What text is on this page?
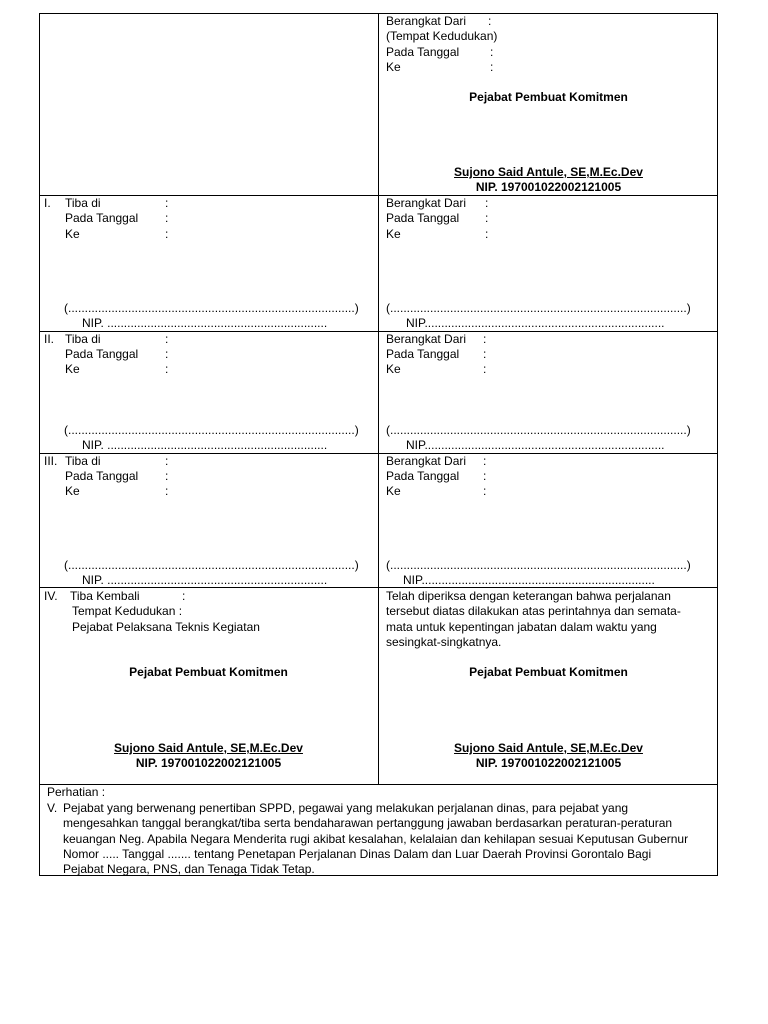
Berangkat Dari :
(Tempat Kedudukan)
Pada Tanggal	:
Ke	:
Pejabat Pembuat Komitmen
Sujono Said Antule, SE,M.Ec.Dev
NIP. 197001022002121005
I. Tiba di	:
Pada Tanggal :
Ke	:
(......................................................................................)
NIP. ..................................................................
Berangkat Dari :
Pada Tanggal :
Ke	:
(.........................................................................................)
NIP........................................................................
II. Tiba di	:
Pada Tanggal :
Ke	:
(......................................................................................)
NIP. ..................................................................
Berangkat Dari :
Pada Tanggal :
Ke	:
(.........................................................................................)
NIP........................................................................
III. Tiba di	:
Pada Tanggal :
Ke	:
(......................................................................................)
NIP. ..................................................................
Berangkat Dari :
Pada Tanggal :
Ke	:
(.........................................................................................)
NIP......................................................................
IV. Tiba Kembali	:
Tempat Kedudukan :
Pejabat Pelaksana Teknis Kegiatan
Pejabat Pembuat Komitmen
Sujono Said Antule, SE,M.Ec.Dev
NIP. 197001022002121005
Telah diperiksa dengan keterangan bahwa perjalanan
tersebut diatas dilakukan atas perintahnya dan semata-
mata untuk kepentingan jabatan dalam waktu yang
sesingkat-singkatnya.
Pejabat Pembuat Komitmen
Sujono Said Antule, SE,M.Ec.Dev
NIP. 197001022002121005
Perhatian :
V. Pejabat yang berwenang penertiban SPPD, pegawai yang melakukan perjalanan dinas, para pejabat yang
mengesahkan tanggal berangkat/tiba serta bendaharawan pertanggung jawaban berdasarkan peraturan-peraturan
keuangan Neg. Apabila Negara Menderita rugi akibat kesalahan, kelalaian dan kehilapan sesuai Keputusan Gubernur
Nomor ..... Tanggal ....... tentang Penetapan Perjalanan Dinas Dalam dan Luar Daerah Provinsi Gorontalo Bagi
Pejabat Negara, PNS, dan Tenaga Tidak Tetap.
